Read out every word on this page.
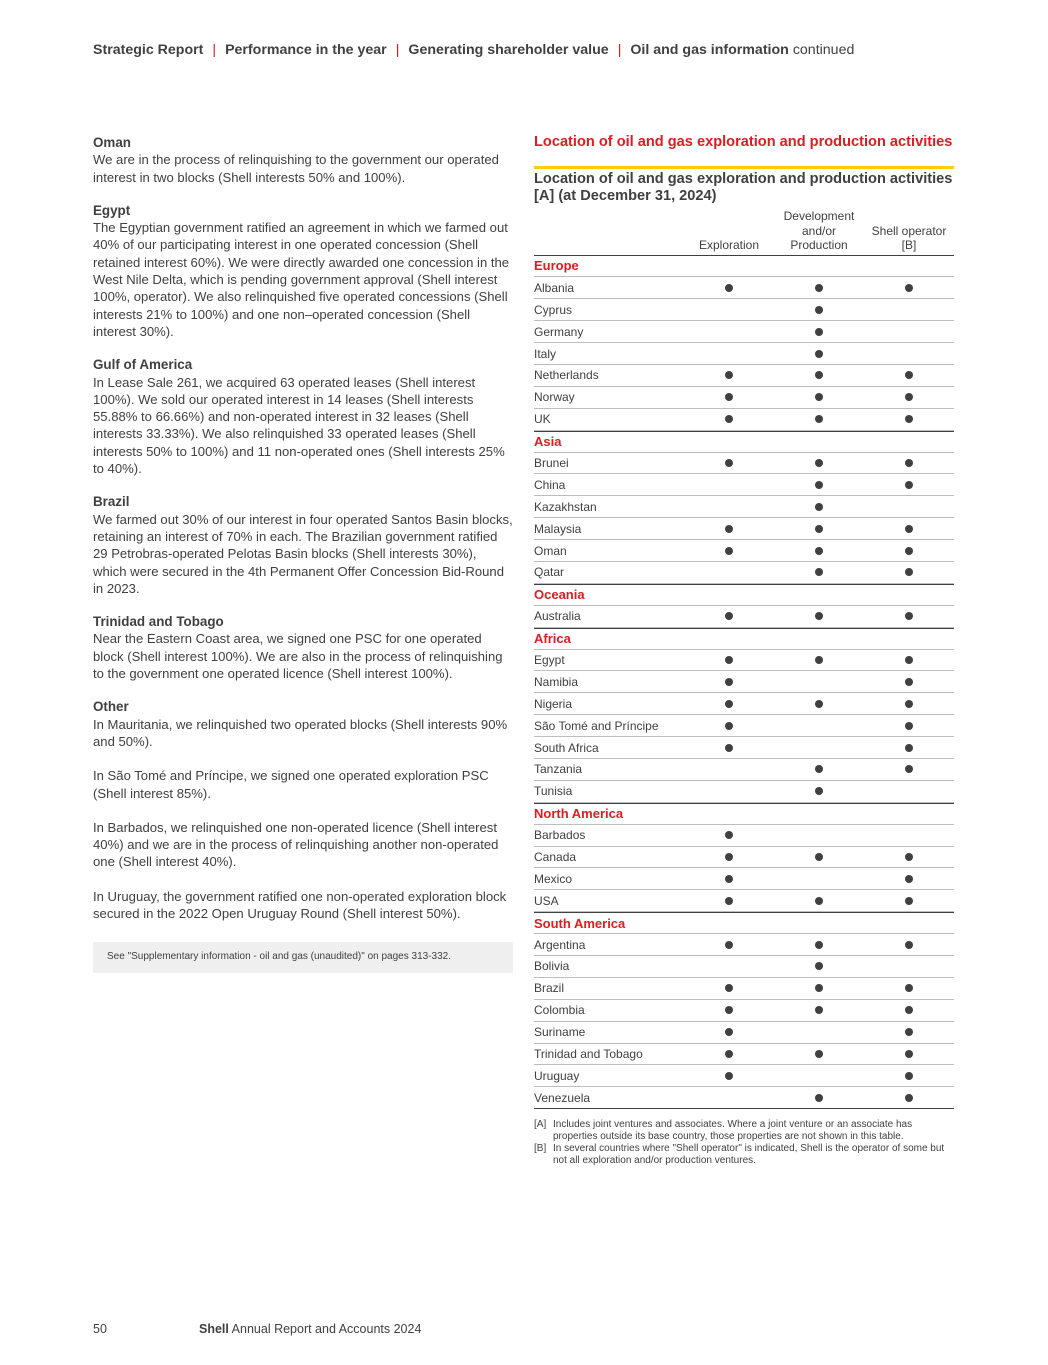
Strategic Report | Performance in the year | Generating shareholder value | Oil and gas information continued
Oman

We are in the process of relinquishing to the government our operated interest in two blocks (Shell interests 50% and 100%).

Egypt

The Egyptian government ratified an agreement in which we farmed out 40% of our participating interest in one operated concession (Shell retained interest 60%). We were directly awarded one concession in the West Nile Delta, which is pending government approval (Shell interest 100%, operator). We also relinquished five operated concessions (Shell interests 21% to 100%) and one non–operated concession (Shell interest 30%).

Gulf of America

In Lease Sale 261, we acquired 63 operated leases (Shell interest 100%). We sold our operated interest in 14 leases (Shell interests 55.88% to 66.66%) and non-operated interest in 32 leases (Shell interests 33.33%). We also relinquished 33 operated leases (Shell interests 50% to 100%) and 11 non-operated ones (Shell interests 25% to 40%).

Brazil

We farmed out 30% of our interest in four operated Santos Basin blocks, retaining an interest of 70% in each. The Brazilian government ratified 29 Petrobras-operated Pelotas Basin blocks (Shell interests 30%), which were secured in the 4th Permanent Offer Concession Bid-Round in 2023.

Trinidad and Tobago

Near the Eastern Coast area, we signed one PSC for one operated block (Shell interest 100%). We are also in the process of relinquishing to the government one operated licence (Shell interest 100%).

Other

In Mauritania, we relinquished two operated blocks (Shell interests 90% and 50%).

In São Tomé and Príncipe, we signed one operated exploration PSC (Shell interest 85%).

In Barbados, we relinquished one non-operated licence (Shell interest 40%) and we are in the process of relinquishing another non-operated one (Shell interest 40%).

In Uruguay, the government ratified one non-operated exploration block secured in the 2022 Open Uruguay Round (Shell interest 50%).

See "Supplementary information - oil and gas (unaudited)" on pages 313-332.
Location of oil and gas exploration and production activities
Location of oil and gas exploration and production activities [A] (at December 31, 2024)
Exploration
Development and/or Production
Shell operator [B]
Europe
Albania
Cyprus
Germany
Italy
Netherlands
Norway
UK
Asia
Brunei
China
Kazakhstan
Malaysia
Oman
Qatar
Oceania
Australia
Africa
Egypt
Namibia
Nigeria
São Tomé and Príncipe
South Africa
Tanzania
Tunisia
North America
Barbados
Canada
Mexico
USA
South America
Argentina
Bolivia
Brazil
Colombia
Suriname
Trinidad and Tobago
Uruguay
Venezuela
[A] Includes joint ventures and associates. Where a joint venture or an associate has properties outside its base country, those properties are not shown in this table.
[B] In several countries where "Shell operator" is indicated, Shell is the operator of some but not all exploration and/or production ventures.
50	Shell Annual Report and Accounts 2024
